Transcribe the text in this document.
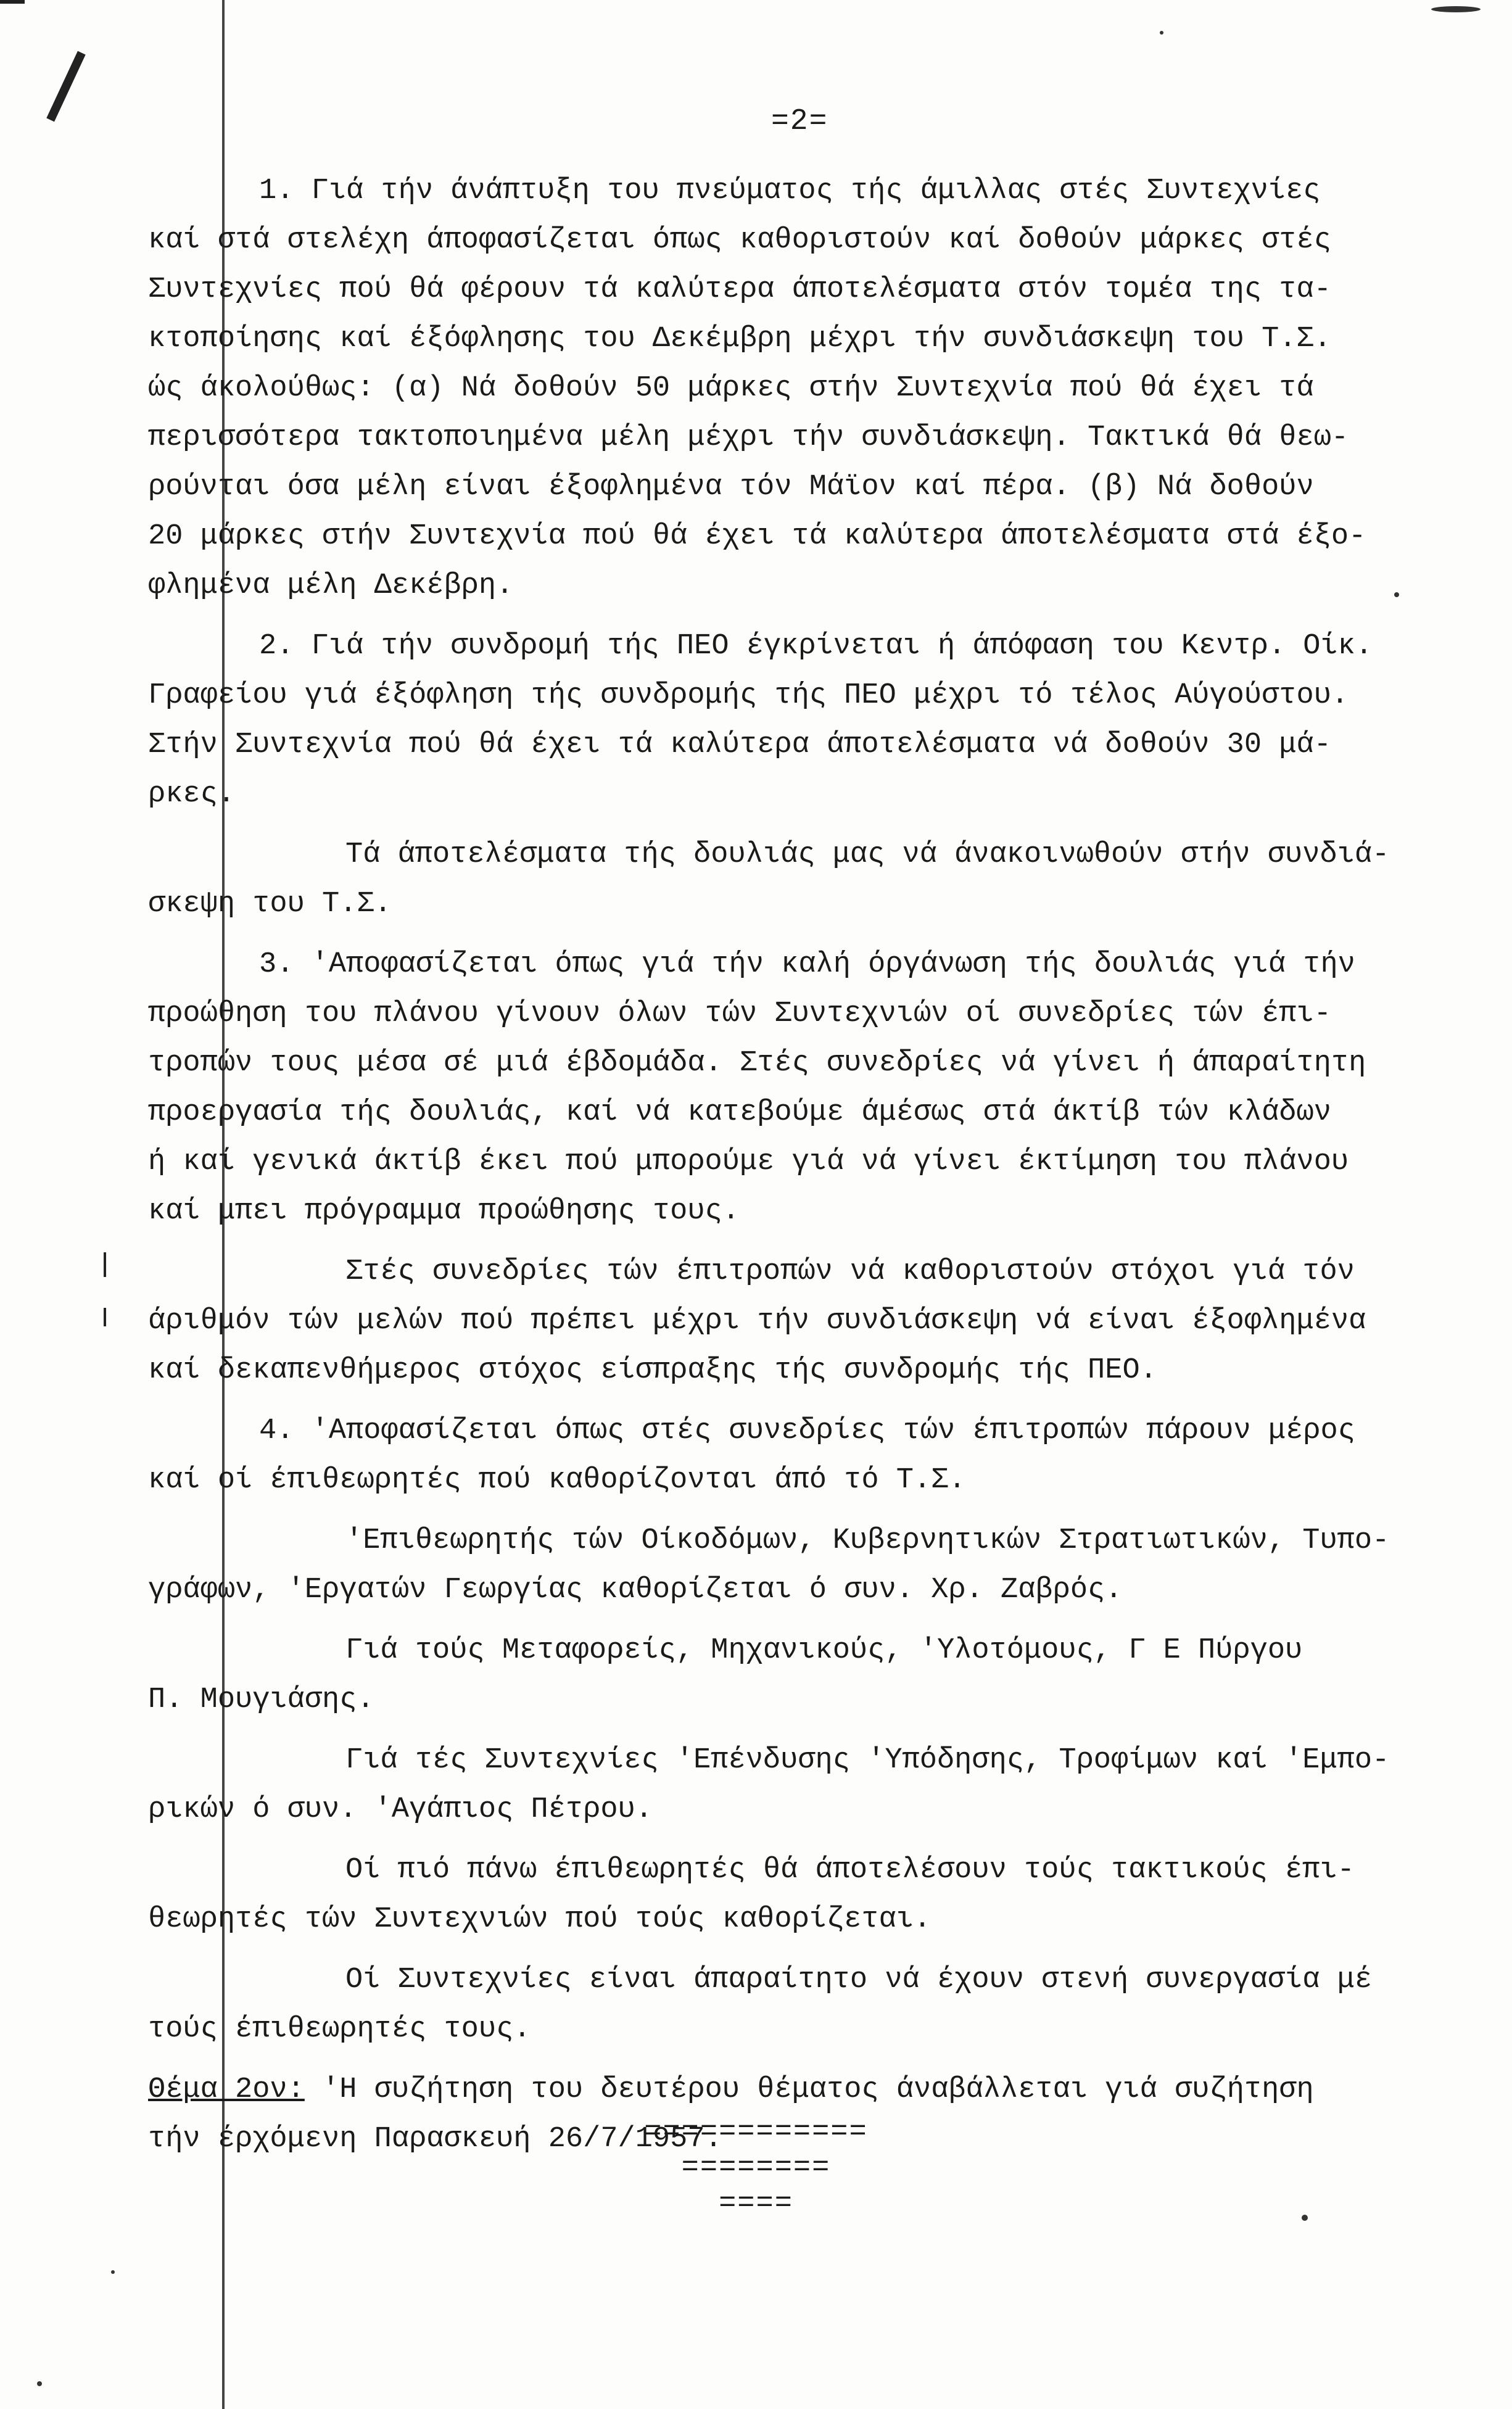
=2=

1. Γιά τήν άνάπτυξη του πνεύματος τής άμιλλας στές Συντεχνίες
καί στά στελέχη άποφασίζεται όπως καθοριστούν καί δοθούν μάρκες στές
Συντεχνίες πού θά φέρουν τά καλύτερα άποτελέσματα στόν τομέα της τα-
κτοποίησης καί έξόφλησης του Δεκέμβρη μέχρι τήν συνδιάσκεψη του Τ.Σ.
ώς άκολούθως: (α) Νά δοθούν 50 μάρκες στήν Συντεχνία πού θά έχει τά
περισσότερα τακτοποιημένα μέλη μέχρι τήν συνδιάσκεψη. Τακτικά θά θεω-
ρούνται όσα μέλη είναι έξοφλημένα τόν Μάϊον καί πέρα. (β) Νά δοθούν
20 μάρκες στήν Συντεχνία πού θά έχει τά καλύτερα άποτελέσματα στά έξο-
φλημένα μέλη Δεκέβρη.

2. Γιά τήν συνδρομή τής ΠΕΟ έγκρίνεται ή άπόφαση του Κεντρ. Οίκ.
Γραφείου γιά έξόφληση τής συνδρομής τής ΠΕΟ μέχρι τό τέλος Αύγούστου.
Στήν Συντεχνία πού θά έχει τά καλύτερα άποτελέσματα νά δοθούν 30 μά-
ρκες.

Τά άποτελέσματα τής δουλιάς μας νά άνακοινωθούν στήν συνδιά-
σκεψη του Τ.Σ.

3. 'Αποφασίζεται όπως γιά τήν καλή όργάνωση τής δουλιάς γιά τήν
προώθηση του πλάνου γίνουν όλων τών Συντεχνιών οί συνεδρίες τών έπι-
τροπών τους μέσα σέ μιά έβδομάδα. Στές συνεδρίες νά γίνει ή άπαραίτητη
προεργασία τής δουλιάς, καί νά κατεβούμε άμέσως στά άκτίβ τών κλάδων
ή καί γενικά άκτίβ έκει πού μπορούμε γιά νά γίνει έκτίμηση του πλάνου
καί μπει πρόγραμμα προώθησης τους.

Στές συνεδρίες τών έπιτροπών νά καθοριστούν στόχοι γιά τόν
άριθμόν τών μελών πού πρέπει μέχρι τήν συνδιάσκεψη νά είναι έξοφλημένα
καί δεκαπενθήμερος στόχος είσπραξης τής συνδρομής τής ΠΕΟ.

4. 'Αποφασίζεται όπως στές συνεδρίες τών έπιτροπών πάρουν μέρος
καί οί έπιθεωρητές πού καθορίζονται άπό τό Τ.Σ.

'Επιθεωρητής τών Οίκοδόμων, Κυβερνητικών Στρατιωτικών, Τυπο-
γράφων, 'Εργατών Γεωργίας καθορίζεται ό συν. Χρ. Ζαβρός.

Γιά τούς Μεταφορείς, Μηχανικούς, 'Υλοτόμους, Γ Ε Πύργου
Π. Μουγιάσης.

Γιά τές Συντεχνίες 'Επένδυσης 'Υπόδησης, Τροφίμων καί 'Εμπο-
ρικών ό συν. 'Αγάπιος Πέτρου.

Οί πιό πάνω έπιθεωρητές θά άποτελέσουν τούς τακτικούς έπι-
θεωρητές τών Συντεχνιών πού τούς καθορίζεται.

Οί Συντεχνίες είναι άπαραίτητο νά έχουν στενή συνεργασία μέ
τούς έπιθεωρητές τους.

Θέμα 2ον: 'Η συζήτηση του δευτέρου θέματος άναβάλλεται γιά συζήτηση
τήν έρχόμενη Παρασκευή 26/7/1957.

============
========
====
